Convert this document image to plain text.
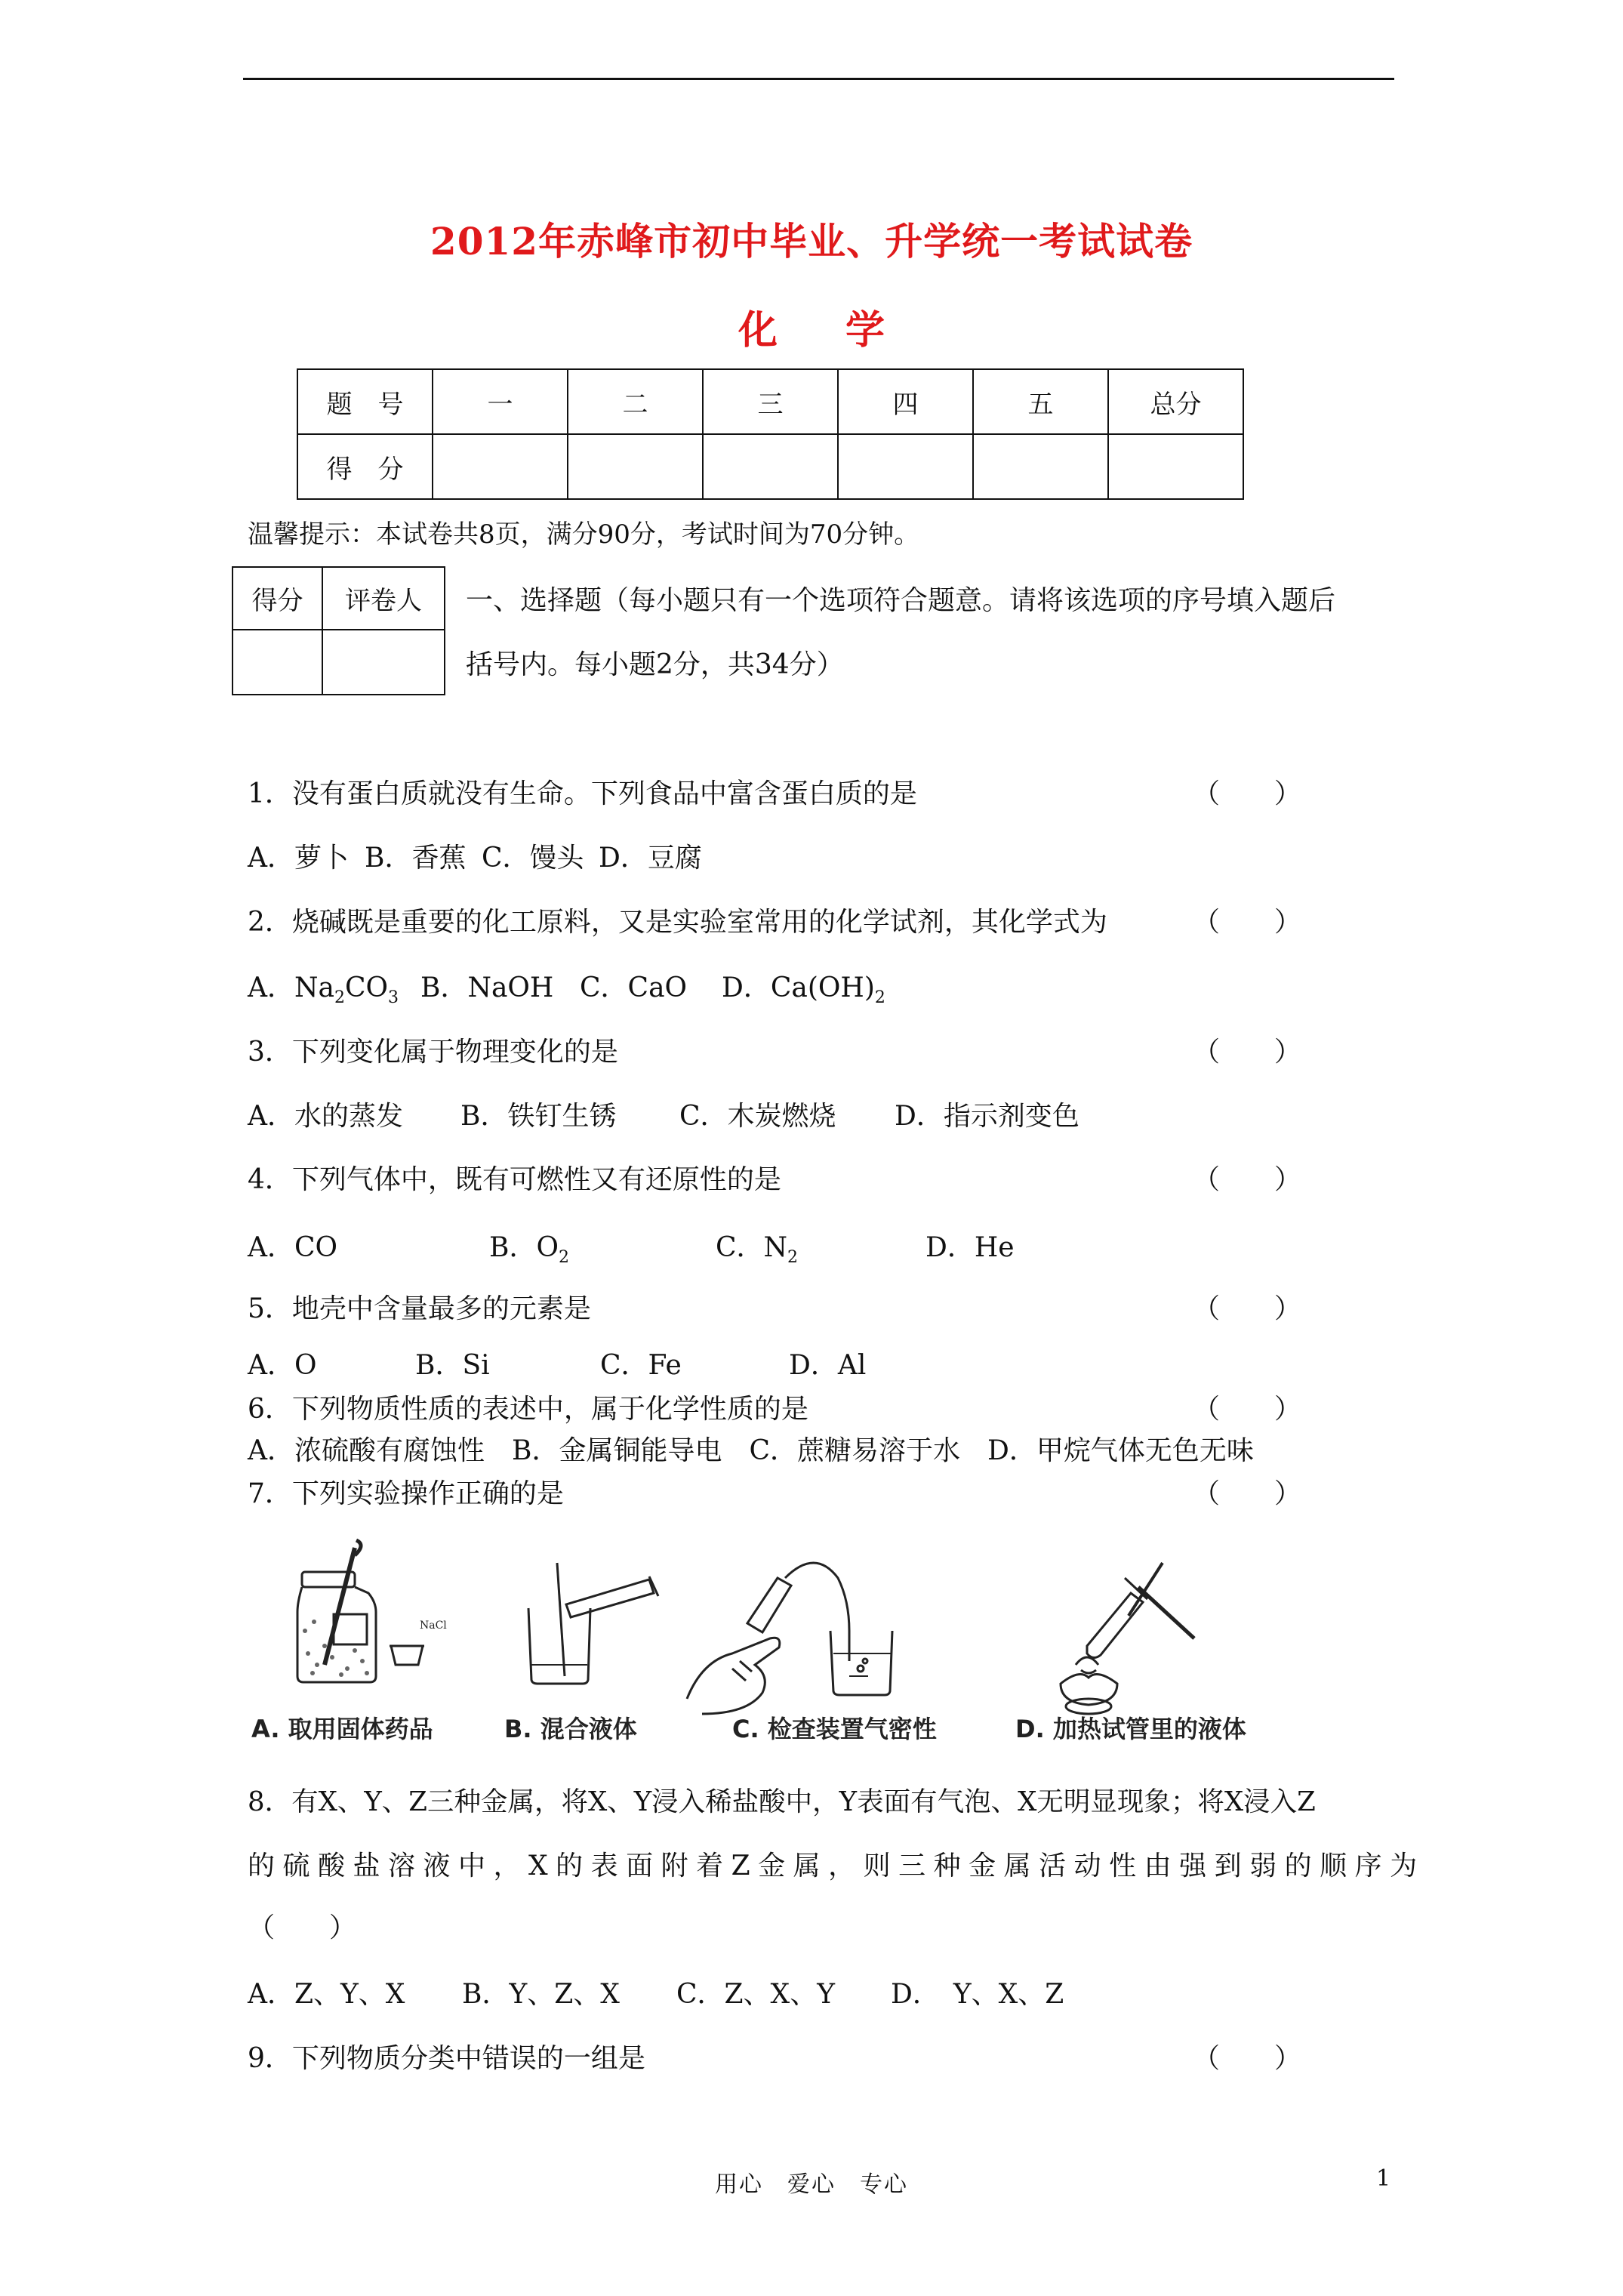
2012年赤峰市初中毕业、升学统一考试试卷
化学
题　号	一	二	三	四	五	总分
得　分						
温馨提示：本试卷共8页，满分90分，考试时间为70分钟。
得分	评卷人
	一、选择题（每小题只有一个选项符合题意。请将该选项的序号填入题后
括号内。每小题2分，共34分）
1．没有蛋白质就没有生命。下列食品中富含蛋白质的是	（　　）
A．萝卜 B．香蕉 C．馒头 D．豆腐
2．烧碱既是重要的化工原料，又是实验室常用的化学试剂，其化学式为	（　　）
A．$Na_2CO_3$ B．NaOH C．CaO D．$Ca(OH)_2$
3．下列变化属于物理变化的是	（　　）
A．水的蒸发 B．铁钉生锈 C．木炭燃烧 D．指示剂变色
4．下列气体中，既有可燃性又有还原性的是	（　　）
A．CO	B．$O_2$	C．$N_2$	D．He
5．地壳中含量最多的元素是	（　　）
A．O	B．Si	C．Fe	D．Al
6．下列物质性质的表述中，属于化学性质的是	（　　）
A．浓硫酸有腐蚀性　B．金属铜能导电　C．蔗糖易溶于水　D．甲烷气体无色无味
7．下列实验操作正确的是	（　　）
NaCl
A. 取用固体药品	B. 混合液体	C. 检查装置气密性	D. 加热试管里的液体
8．有X、Y、Z三种金属，将X、Y浸入稀盐酸中，Y表面有气泡、X无明显现象；将X浸入Z
的硫酸盐溶液中，X的表面附着Z金属，则三种金属活动性由强到弱的顺序为
（　　）
A．Z、Y、X B．Y、Z、X C．Z、X、Y D．　Y、X、Z
9．下列物质分类中错误的一组是	（　　）
用心　爱心　专心	1
